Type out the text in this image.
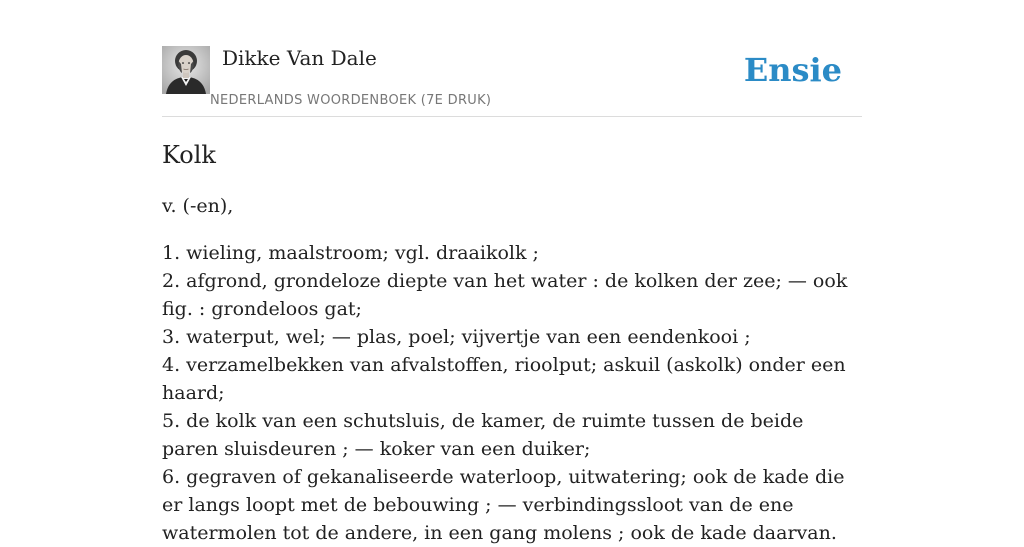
Dikke Van Dale
NEDERLANDS WOORDENBOEK (7E DRUK)
Ensie
Kolk
v. (-en),
1. wieling, maalstroom; vgl. draaikolk ;
2. afgrond, grondeloze diepte van het water : de kolken der zee; — ook fig. : grondeloos gat;
3. waterput, wel; — plas, poel; vijvertje van een eendenkooi ;
4. verzamelbekken van afvalstoffen, rioolput; askuil (askolk) onder een haard;
5. de kolk van een schutsluis, de kamer, de ruimte tussen de beide paren sluisdeuren ; — koker van een duiker;
6. gegraven of gekanaliseerde waterloop, uitwatering; ook de kade die er langs loopt met de bebouwing ; — verbindingssloot van de ene watermolen tot de andere, in een gang molens ; ook de kade daarvan.
